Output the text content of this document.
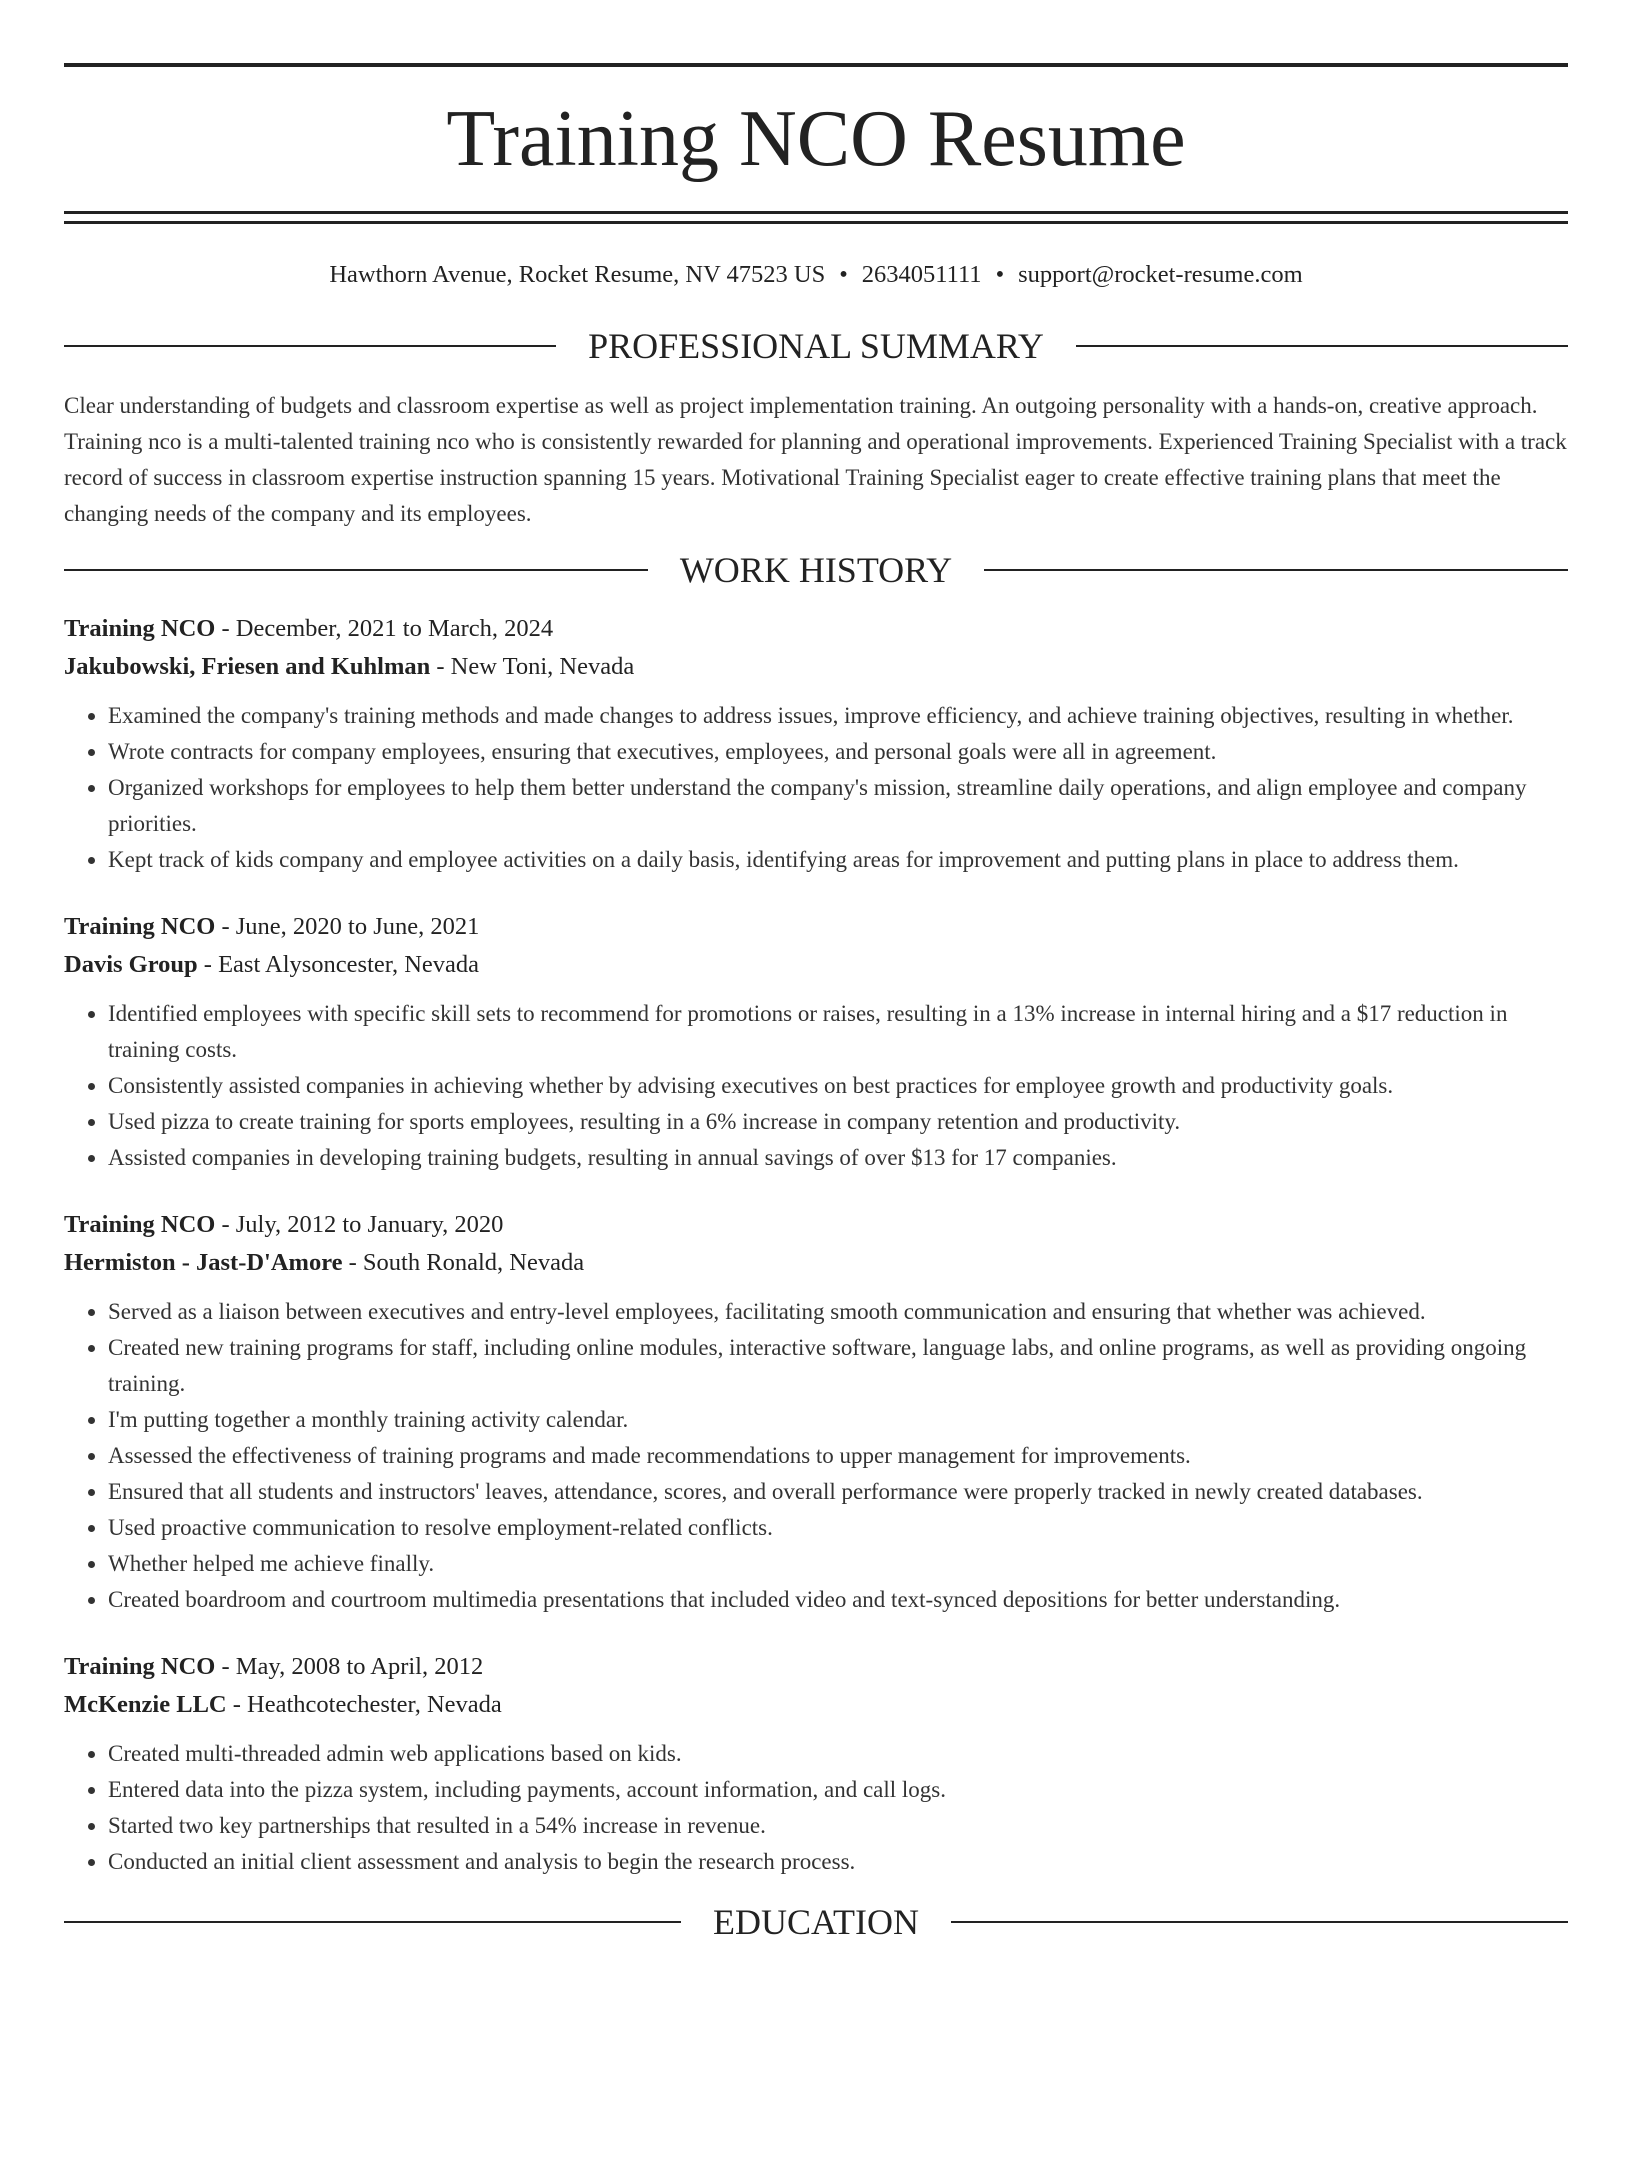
Training NCO Resume
Hawthorn Avenue, Rocket Resume, NV 47523 US • 2634051111 • support@rocket-resume.com
PROFESSIONAL SUMMARY

Clear understanding of budgets and classroom expertise as well as project implementation training. An outgoing personality with a hands-on, creative approach. Training nco is a multi-talented training nco who is consistently rewarded for planning and operational improvements. Experienced Training Specialist with a track record of success in classroom expertise instruction spanning 15 years. Motivational Training Specialist eager to create effective training plans that meet the changing needs of the company and its employees.

WORK HISTORY

Training NCO - December, 2021 to March, 2024

Jakubowski, Friesen and Kuhlman - New Toni, Nevada

• Examined the company's training methods and made changes to address issues, improve efficiency, and achieve training objectives, resulting in whether.
• Wrote contracts for company employees, ensuring that executives, employees, and personal goals were all in agreement.
• Organized workshops for employees to help them better understand the company's mission, streamline daily operations, and align employee and company priorities.
• Kept track of kids company and employee activities on a daily basis, identifying areas for improvement and putting plans in place to address them.

Training NCO - June, 2020 to June, 2021

Davis Group - East Alysoncester, Nevada

• Identified employees with specific skill sets to recommend for promotions or raises, resulting in a 13% increase in internal hiring and a $17 reduction in training costs.
• Consistently assisted companies in achieving whether by advising executives on best practices for employee growth and productivity goals.
• Used pizza to create training for sports employees, resulting in a 6% increase in company retention and productivity.
• Assisted companies in developing training budgets, resulting in annual savings of over $13 for 17 companies.

Training NCO - July, 2012 to January, 2020

Hermiston - Jast-D'Amore - South Ronald, Nevada

• Served as a liaison between executives and entry-level employees, facilitating smooth communication and ensuring that whether was achieved.
• Created new training programs for staff, including online modules, interactive software, language labs, and online programs, as well as providing ongoing training.
• I'm putting together a monthly training activity calendar.
• Assessed the effectiveness of training programs and made recommendations to upper management for improvements.
• Ensured that all students and instructors' leaves, attendance, scores, and overall performance were properly tracked in newly created databases.
• Used proactive communication to resolve employment-related conflicts.
• Whether helped me achieve finally.
• Created boardroom and courtroom multimedia presentations that included video and text-synced depositions for better understanding.

Training NCO - May, 2008 to April, 2012

McKenzie LLC - Heathcotechester, Nevada

• Created multi-threaded admin web applications based on kids.
• Entered data into the pizza system, including payments, account information, and call logs.
• Started two key partnerships that resulted in a 54% increase in revenue.
• Conducted an initial client assessment and analysis to begin the research process.
EDUCATION
